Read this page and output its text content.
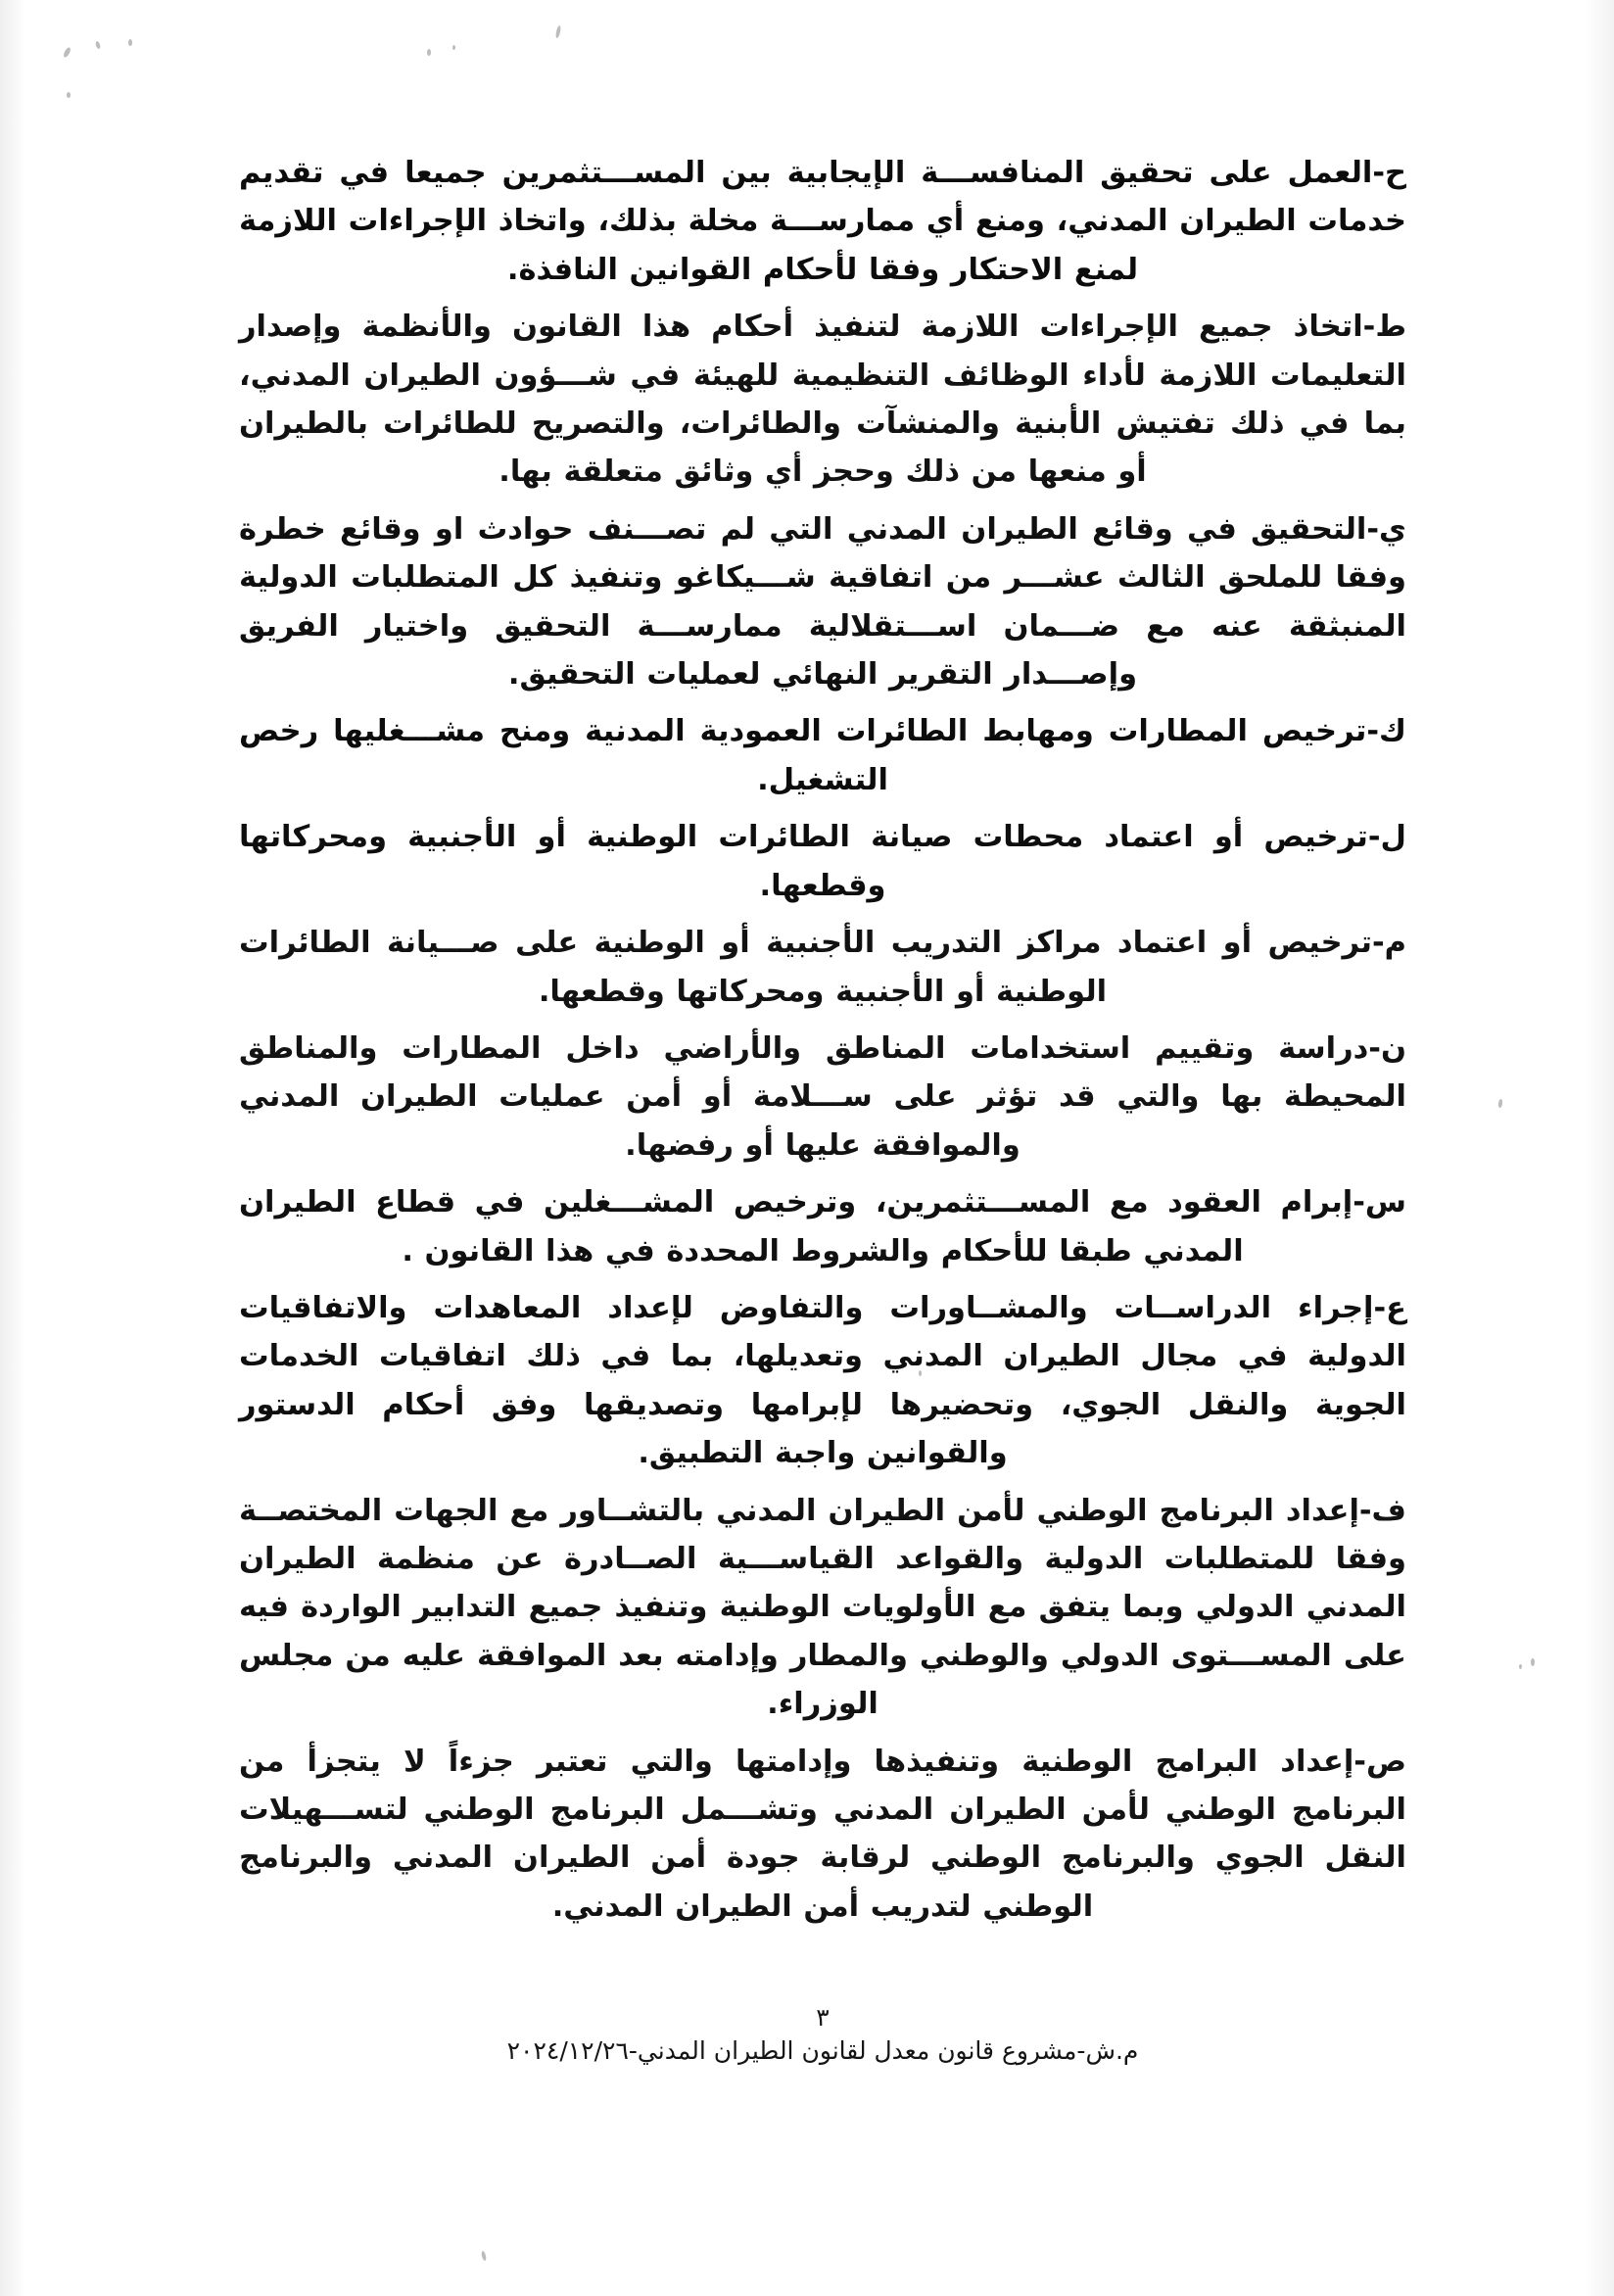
ح-العمل على تحقيق المنافســـة الإيجابية بين المســـتثمرين جميعا في تقديم خدمات الطيران المدني، ومنع أي ممارســـة مخلة بذلك، واتخاذ الإجراءات اللازمة لمنع الاحتكار وفقا لأحكام القوانين النافذة.

ط-اتخاذ جميع الإجراءات اللازمة لتنفيذ أحكام هذا القانون والأنظمة وإصدار التعليمات اللازمة لأداء الوظائف التنظيمية للهيئة في شـــؤون الطيران المدني، بما في ذلك تفتيش الأبنية والمنشآت والطائرات، والتصريح للطائرات بالطيران أو منعها من ذلك وحجز أي وثائق متعلقة بها.

ي-التحقيق في وقائع الطيران المدني التي لم تصـــنف حوادث او وقائع خطرة وفقا للملحق الثالث عشـــر من اتفاقية شـــيكاغو وتنفيذ كل المتطلبات الدولية المنبثقة عنه مع ضـــمان اســـتقلالية ممارســـة التحقيق واختيار الفريق وإصـــدار التقرير النهائي لعمليات التحقيق.

ك-ترخيص المطارات ومهابط الطائرات العمودية المدنية ومنح مشـــغليها رخص التشغيل.

ل-ترخيص أو اعتماد محطات صيانة الطائرات الوطنية أو الأجنبية ومحركاتها وقطعها.

م-ترخيص أو اعتماد مراكز التدريب الأجنبية أو الوطنية على صـــيانة الطائرات الوطنية أو الأجنبية ومحركاتها وقطعها.

ن-دراسة وتقييم استخدامات المناطق والأراضي داخل المطارات والمناطق المحيطة بها والتي قد تؤثر على ســـلامة أو أمن عمليات الطيران المدني والموافقة عليها أو رفضها.

س-إبرام العقود مع المســـتثمرين، وترخيص المشـــغلين في قطاع الطيران المدني طبقا للأحكام والشروط المحددة في هذا القانون .

ع-إجراء الدراســات والمشــاورات والتفاوض لإعداد المعاهدات والاتفاقيات الدولية في مجال الطيران المدني وتعديلها، بما في ذلك اتفاقيات الخدمات الجوية والنقل الجوي، وتحضيرها لإبرامها وتصديقها وفق أحكام الدستور والقوانين واجبة التطبيق.

ف-إعداد البرنامج الوطني لأمن الطيران المدني بالتشــاور مع الجهات المختصــة وفقا للمتطلبات الدولية والقواعد القياســـية الصــادرة عن منظمة الطيران المدني الدولي وبما يتفق مع الأولويات الوطنية وتنفيذ جميع التدابير الواردة فيه على المســـتوى الدولي والوطني والمطار وإدامته بعد الموافقة عليه من مجلس الوزراء.

ص-إعداد البرامج الوطنية وتنفيذها وإدامتها والتي تعتبر جزءاً لا يتجزأ من البرنامج الوطني لأمن الطيران المدني وتشـــمل البرنامج الوطني لتســـهيلات النقل الجوي والبرنامج الوطني لرقابة جودة أمن الطيران المدني والبرنامج الوطني لتدريب أمن الطيران المدني.

٣
م.ش-مشروع قانون معدل لقانون الطيران المدني-٢٠٢٤/١٢/٢٦
